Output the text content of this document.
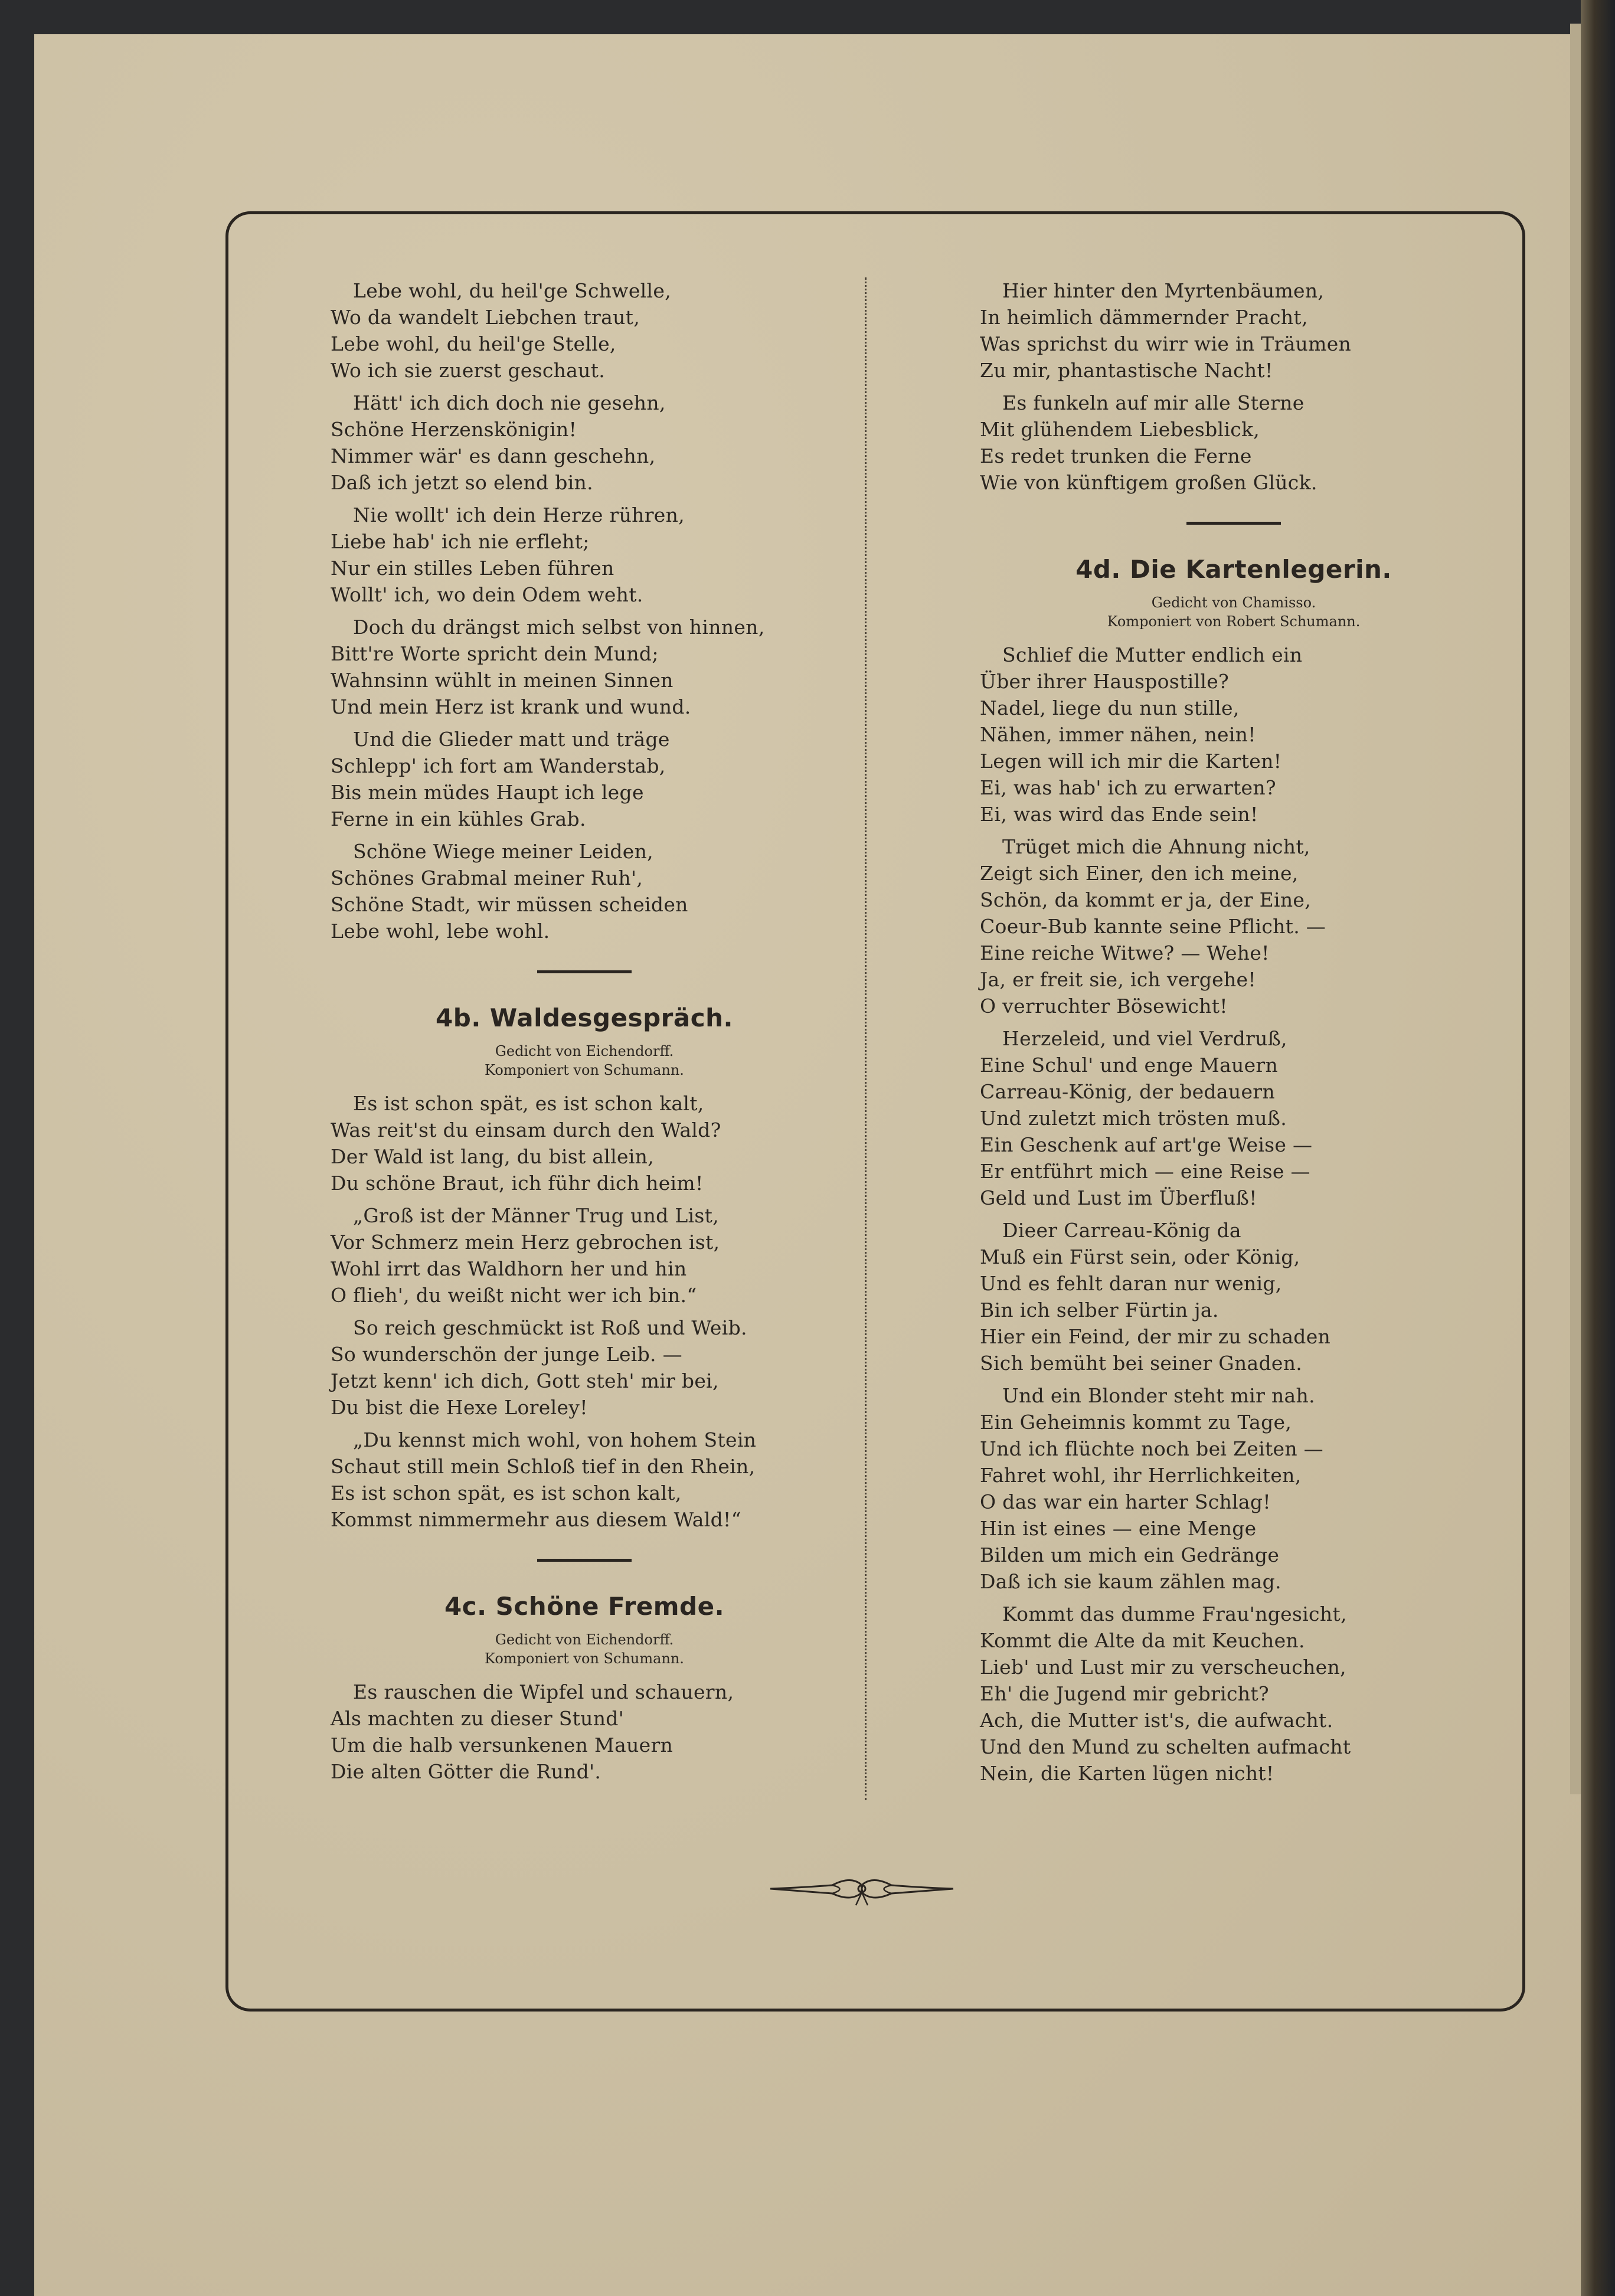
Lebe wohl, du heil'ge Schwelle,
Wo da wandelt Liebchen traut,
Lebe wohl, du heil'ge Stelle,
Wo ich sie zuerst geschaut.
Hätt' ich dich doch nie gesehn,
Schöne Herzenskönigin!
Nimmer wär' es dann geschehn,
Daß ich jetzt so elend bin.
Nie wollt' ich dein Herze rühren,
Liebe hab' ich nie erfleht;
Nur ein stilles Leben führen
Wollt' ich, wo dein Odem weht.
Doch du drängst mich selbst von hinnen,
Bitt're Worte spricht dein Mund;
Wahnsinn wühlt in meinen Sinnen
Und mein Herz ist krank und wund.
Und die Glieder matt und träge
Schlepp' ich fort am Wanderstab,
Bis mein müdes Haupt ich lege
Ferne in ein kühles Grab.
Schöne Wiege meiner Leiden,
Schönes Grabmal meiner Ruh',
Schöne Stadt, wir müssen scheiden
Lebe wohl, lebe wohl.
4b. Waldesgespräch.
Gedicht von Eichendorff.
Komponiert von Schumann.
Es ist schon spät, es ist schon kalt,
Was reit'st du einsam durch den Wald?
Der Wald ist lang, du bist allein,
Du schöne Braut, ich führ dich heim!
„Groß ist der Männer Trug und List,
Vor Schmerz mein Herz gebrochen ist,
Wohl irrt das Waldhorn her und hin
O flieh', du weißt nicht wer ich bin.“
So reich geschmückt ist Roß und Weib.
So wunderschön der junge Leib. —
Jetzt kenn' ich dich, Gott steh' mir bei,
Du bist die Hexe Loreley!
„Du kennst mich wohl, von hohem Stein
Schaut still mein Schloß tief in den Rhein,
Es ist schon spät, es ist schon kalt,
Kommst nimmermehr aus diesem Wald!“
4c. Schöne Fremde.
Gedicht von Eichendorff.
Komponiert von Schumann.
Es rauschen die Wipfel und schauern,
Als machten zu dieser Stund'
Um die halb versunkenen Mauern
Die alten Götter die Rund'.
Hier hinter den Myrtenbäumen,
In heimlich dämmernder Pracht,
Was sprichst du wirr wie in Träumen
Zu mir, phantastische Nacht!
Es funkeln auf mir alle Sterne
Mit glühendem Liebesblick,
Es redet trunken die Ferne
Wie von künftigem großen Glück.
4d. Die Kartenlegerin.
Gedicht von Chamisso.
Komponiert von Robert Schumann.
Schlief die Mutter endlich ein
Über ihrer Hauspostille?
Nadel, liege du nun stille,
Nähen, immer nähen, nein!
Legen will ich mir die Karten!
Ei, was hab' ich zu erwarten?
Ei, was wird das Ende sein!
Trüget mich die Ahnung nicht,
Zeigt sich Einer, den ich meine,
Schön, da kommt er ja, der Eine,
Coeur-Bub kannte seine Pflicht. —
Eine reiche Witwe? — Wehe!
Ja, er freit sie, ich vergehe!
O verruchter Bösewicht!
Herzeleid, und viel Verdruß,
Eine Schul' und enge Mauern
Carreau-König, der bedauern
Und zuletzt mich trösten muß.
Ein Geschenk auf art'ge Weise —
Er entführt mich — eine Reise —
Geld und Lust im Überfluß!
Dieer Carreau-König da
Muß ein Fürst sein, oder König,
Und es fehlt daran nur wenig,
Bin ich selber Fürtin ja.
Hier ein Feind, der mir zu schaden
Sich bemüht bei seiner Gnaden.
Und ein Blonder steht mir nah.
Ein Geheimnis kommt zu Tage,
Und ich flüchte noch bei Zeiten —
Fahret wohl, ihr Herrlichkeiten,
O das war ein harter Schlag!
Hin ist eines — eine Menge
Bilden um mich ein Gedränge
Daß ich sie kaum zählen mag.
Kommt das dumme Frau'ngesicht,
Kommt die Alte da mit Keuchen.
Lieb' und Lust mir zu verscheuchen,
Eh' die Jugend mir gebricht?
Ach, die Mutter ist's, die aufwacht.
Und den Mund zu schelten aufmacht
Nein, die Karten lügen nicht!
